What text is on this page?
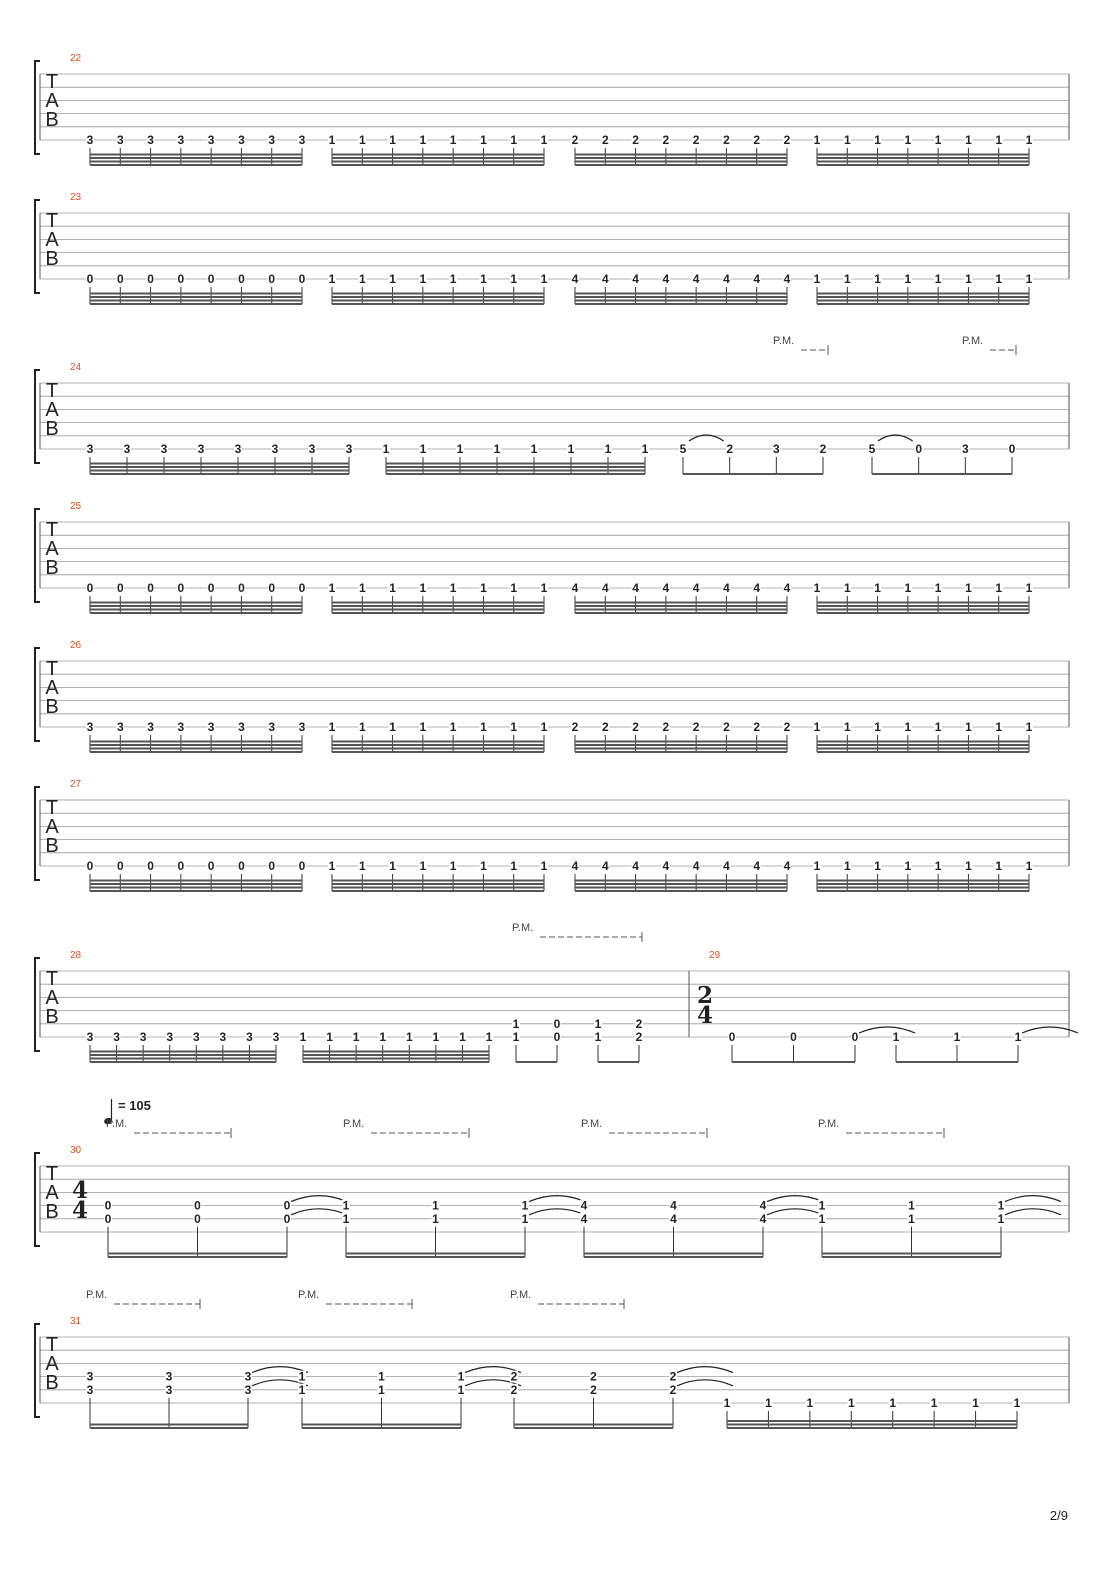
T
A
B
22
3 3 3 3 3 3 3 3 1 1 1 1 1 1 1 1 2 2 2 2 2 2 2 2 1 1 1 1 1 1 1 1
T
A
B
23
0 0 0 0 0 0 0 0 1 1 1 1 1 1 1 1 4 4 4 4 4 4 4 4 1 1 1 1 1 1 1 1
T
A
B
24
P.M.	P.M.
3	3	3	3	3	3	3	3	1	1	1	1	1	1	1	1	5	2	3	2	5	0	3	0
T
A
B
25
0 0 0 0 0 0 0 0 1 1 1 1 1 1 1 1 4 4 4 4 4 4 4 4 1 1 1 1 1 1 1 1
T
A
B
26
3 3 3 3 3 3 3 3 1 1 1 1 1 1 1 1 2 2 2 2 2 2 2 2 1 1 1 1 1 1 1 1
T
A
B
27
0 0 0 0 0 0 0 0 1 1 1 1 1 1 1 1 4 4 4 4 4 4 4 4 1 1 1 1 1 1 1 1
T
A
B
28	29
2
4
P.M.
3 3 3 3 3 3 3 3 1 1 1 1 1 1 1 1
1
1
0
0
1
1
2
2	0	0	0	1	1	1
T
A
B
30
4
4
= 105
P.M.	P.M.	P.M.	P.M.
0
0
0
0
0
0
1
1
1
1
1
1
4
4
4
4
4
4
1
1
1
1
1
1
T
A
B
31
P.M.	P.M.	P.M.
3
3
3
3
3
3
1
1
1
1
1
1
2
2
2
2
2
2
1	1	1	1	1	1	1	1
2/9
